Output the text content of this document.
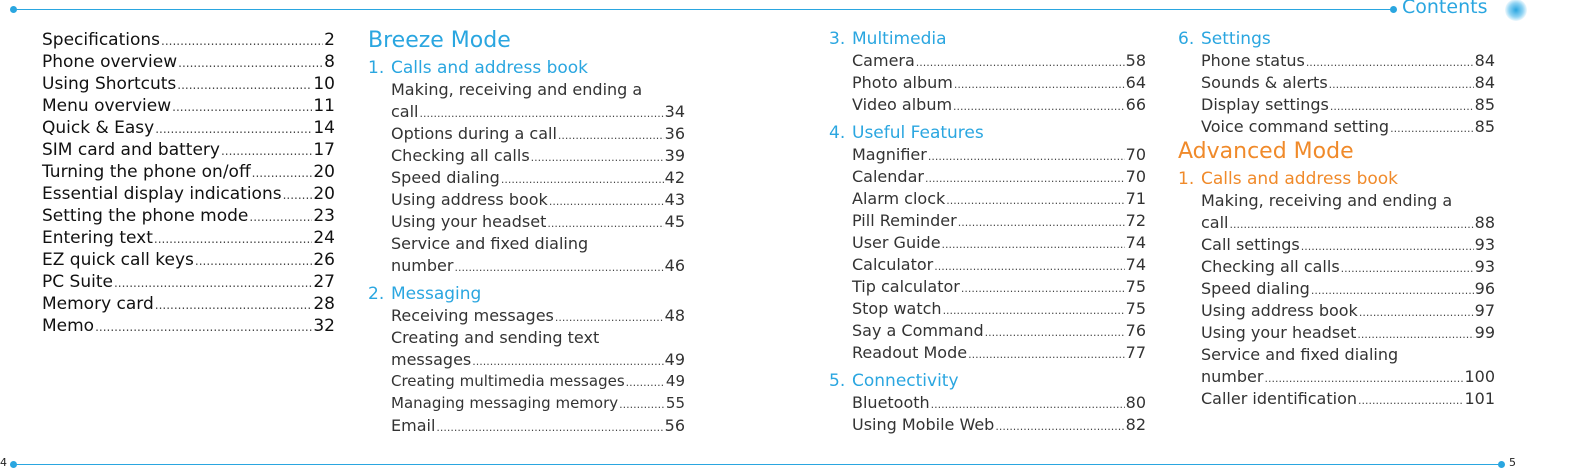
Contents
4	5
Specifications .....	2
Phone overview .....	8
Using Shortcuts .....	10
Menu overview .....	11
Quick & Easy .....	14
SIM card and battery .....	17
Turning the phone on/off .....	20
Essential display indications ..... 20
Setting the phone mode .....	23
Entering text .....	24
EZ quick call keys .....	26
PC Suite .....	27
Memory card .....	28
Memo .....	32
Breeze Mode
1. Calls and address book
Making, receiving and ending a
call .....	34
Options during a call .....	36
Checking all calls .....	39
Speed dialing .....	42
Using address book .....	43
Using your headset .....	45
Service and fixed dialing
number .....	46
2. Messaging
Receiving messages .....	48
Creating and sending text
messages .....	49
Creating multimedia messages .....	49
Managing messaging memory .....	55
Email .....	56
3. Multimedia
Camera .....	58
Photo album .....	64
Video album .....	66
4. Useful Features
Magnifier .....	70
Calendar .....	70
Alarm clock .....	71
Pill Reminder .....	72
User Guide .....	74
Calculator .....	74
Tip calculator .....	75
Stop watch .....	75
Say a Command .....	76
Readout Mode .....	77
5. Connectivity
Bluetooth .....	80
Using Mobile Web .....	82
6. Settings
Phone status .....	84
Sounds & alerts .....	84
Display settings .....	85
Voice command setting .....	85
Advanced Mode
1. Calls and address book
Making, receiving and ending a
call .....	88
Call settings .....	93
Checking all calls .....	93
Speed dialing .....	96
Using address book .....	97
Using your headset .....	99
Service and fixed dialing
number .....	100
Caller identification .....	101
